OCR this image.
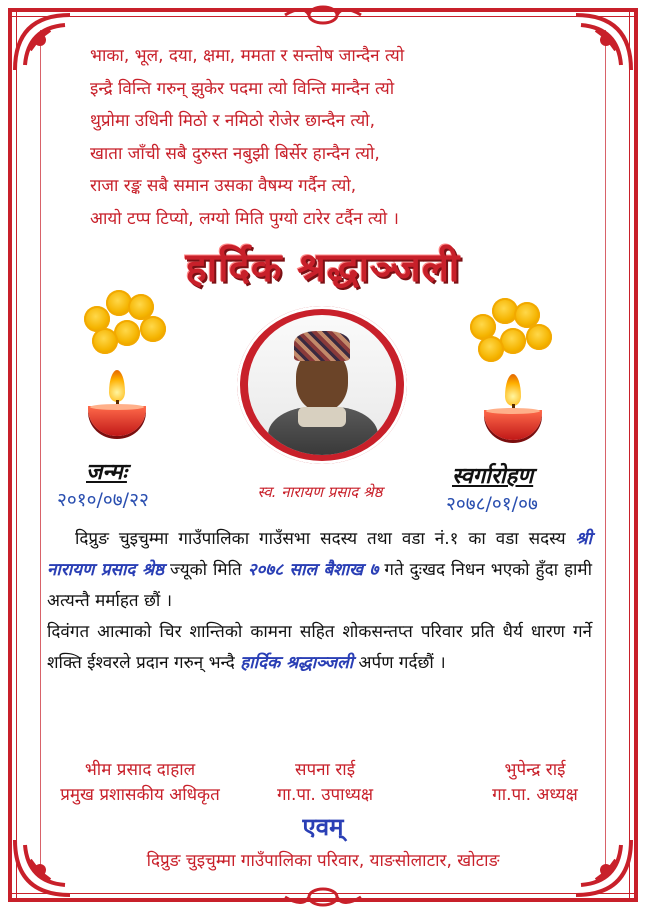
भाका, भूल, दया, क्षमा, ममता र सन्तोष जान्दैन त्यो
इन्द्रै विन्ति गरुन् झुकेर पदमा त्यो विन्ति मान्दैन त्यो
थुप्रोमा उधिनी मिठो र नमिठो रोजेर छान्दैन त्यो,
खाता जाँची सबै दुरुस्त नबुझी बिर्सेर हान्दैन त्यो,
राजा रङ्क सबै समान उसका वैषम्य गर्दैन त्यो,
आयो टप्प टिप्यो, लग्यो मिति पुग्यो टारेर टर्दैन त्यो ।
हार्दिक श्रद्धाञ्जली
जन्मः
२०१०/०७/२२
स्वर्गारोहण
२०७८/०१/०७
स्व. नारायण प्रसाद श्रेष्ठ

दिप्रुङ चुइचुम्मा गाउँपालिका गाउँसभा सदस्य तथा वडा नं.१ का वडा सदस्य श्री नारायण प्रसाद श्रेष्ठ ज्यूको मिति २०७८ साल बैशाख ७ गते दुःखद निधन भएको हुँदा हामी अत्यन्तै मर्माहत छौं ।

दिवंगत आत्माको चिर शान्तिको कामना सहित शोकसन्तप्त परिवार प्रति धैर्य धारण गर्ने शक्ति ईश्वरले प्रदान गरुन् भन्दै हार्दिक श्रद्धाञ्जली अर्पण गर्दछौं ।

भीम प्रसाद दाहाल
प्रमुख प्रशासकीय अधिकृत
सपना राई
गा.पा. उपाध्यक्ष
भुपेन्द्र राई
गा.पा. अध्यक्ष
एवम्
दिप्रुङ चुइचुम्मा गाउँपालिका परिवार, याङसोलाटार, खोटाङ
